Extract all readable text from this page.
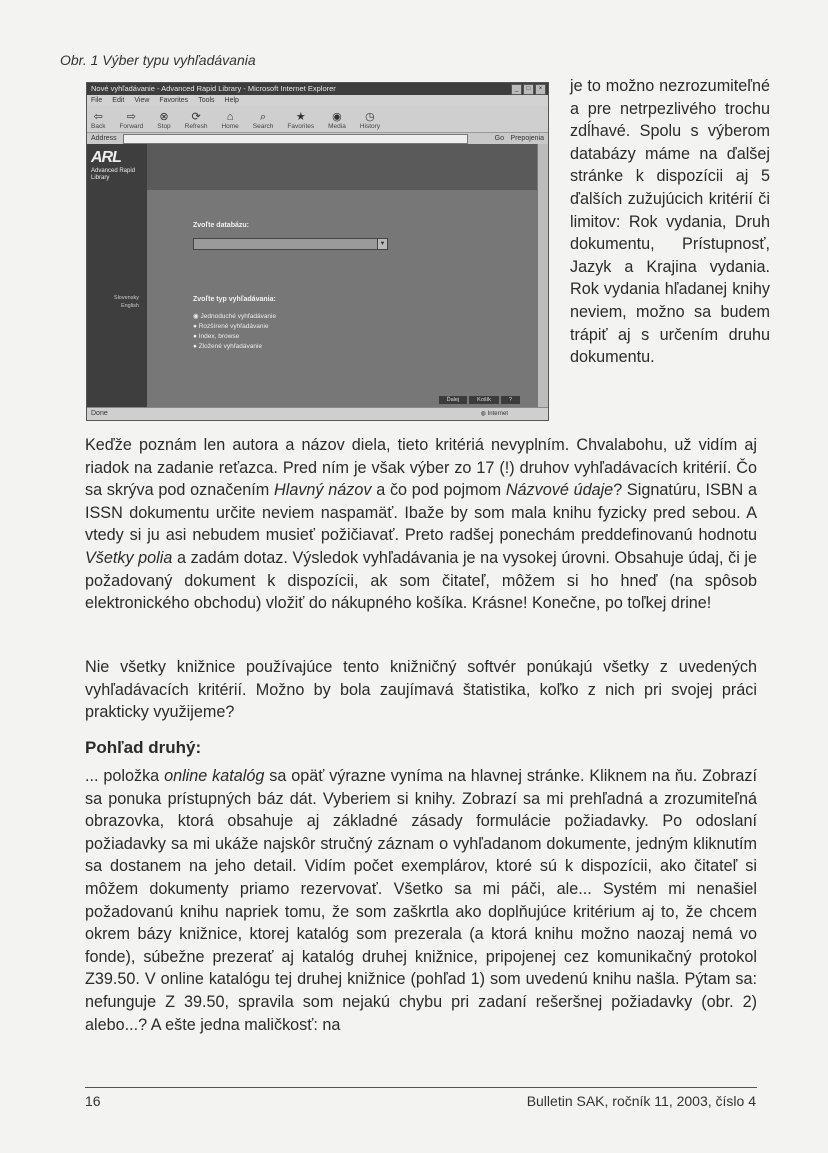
Obr. 1 Výber typu vyhľadávania
Nové vyhľadávanie - Advanced Rapid Library - Microsoft Internet Explorer	_	□	×
File Edit View Favorites Tools Help
⇦
Back
⇨
Forward
⊗
Stop
⟳
Refresh
⌂
Home
⌕
Search
★
Favorites
◉
Media
◷
History
Address	Go Prepojenia
ARL
Advanced Rapid Library
Slovensky
English
Zvoľte databázu:
▼
Zvoľte typ vyhľadávania:
◉ Jednoduché vyhľadávanie
● Rozšírené vyhľadávanie
● Index, browse
● Zložené vyhľadávanie
Ďalej	Košík	?
Done	◍ Internet
je to možno nezrozumiteľné a pre netrpezlivého trochu zdĺhavé. Spolu s výberom databázy máme na ďalšej stránke k dispozícii aj 5 ďalších zužujúcich kritérií či limitov: Rok vydania, Druh dokumentu, Prístupnosť, Jazyk a Krajina vydania. Rok vydania hľadanej knihy neviem, možno sa budem trápiť aj s určením druhu dokumentu.
Keďže poznám len autora a názov diela, tieto kritériá nevyplním. Chvalabohu, už vidím aj riadok na zadanie reťazca. Pred ním je však výber zo 17 (!) druhov vyhľadávacích kritérií. Čo sa skrýva pod označením Hlavný názov a čo pod pojmom Názvové údaje? Signatúru, ISBN a ISSN dokumentu určite neviem naspamäť. Ibaže by som mala knihu fyzicky pred sebou. A vtedy si ju asi nebudem musieť požičiavať. Preto radšej ponechám preddefinovanú hodnotu Všetky polia a zadám dotaz. Výsledok vyhľadávania je na vysokej úrovni. Obsahuje údaj, či je požadovaný dokument k dispozícii, ak som čitateľ, môžem si ho hneď (na spôsob elektronického obchodu) vložiť do nákupného košíka. Krásne! Konečne, po toľkej drine!
Nie všetky knižnice používajúce tento knižničný softvér ponúkajú všetky z uvedených vyhľadávacích kritérií. Možno by bola zaujímavá štatistika, koľko z nich pri svojej práci prakticky využijeme?
Pohľad druhý:
... položka online katalóg sa opäť výrazne vyníma na hlavnej stránke. Kliknem na ňu. Zobrazí sa ponuka prístupných báz dát. Vyberiem si knihy. Zobrazí sa mi prehľadná a zrozumiteľná obrazovka, ktorá obsahuje aj základné zásady formulácie požiadavky. Po odoslaní požiadavky sa mi ukáže najskôr stručný záznam o vyhľadanom dokumente, jedným kliknutím sa dostanem na jeho detail. Vidím počet exemplárov, ktoré sú k dispozícii, ako čitateľ si môžem dokumenty priamo rezervovať. Všetko sa mi páči, ale... Systém mi nenašiel požadovanú knihu napriek tomu, že som zaškrtla ako doplňujúce kritérium aj to, že chcem okrem bázy knižnice, ktorej katalóg som prezerala (a ktorá knihu možno naozaj nemá vo fonde), súbežne prezerať aj katalóg druhej knižnice, pripojenej cez komunikačný protokol Z39.50. V online katalógu tej druhej knižnice (pohľad 1) som uvedenú knihu našla. Pýtam sa: nefunguje Z 39.50, spravila som nejakú chybu pri zadaní rešeršnej požiadavky (obr. 2) alebo...? A ešte jedna maličkosť: na
16	Bulletin SAK, ročník 11, 2003, číslo 4
